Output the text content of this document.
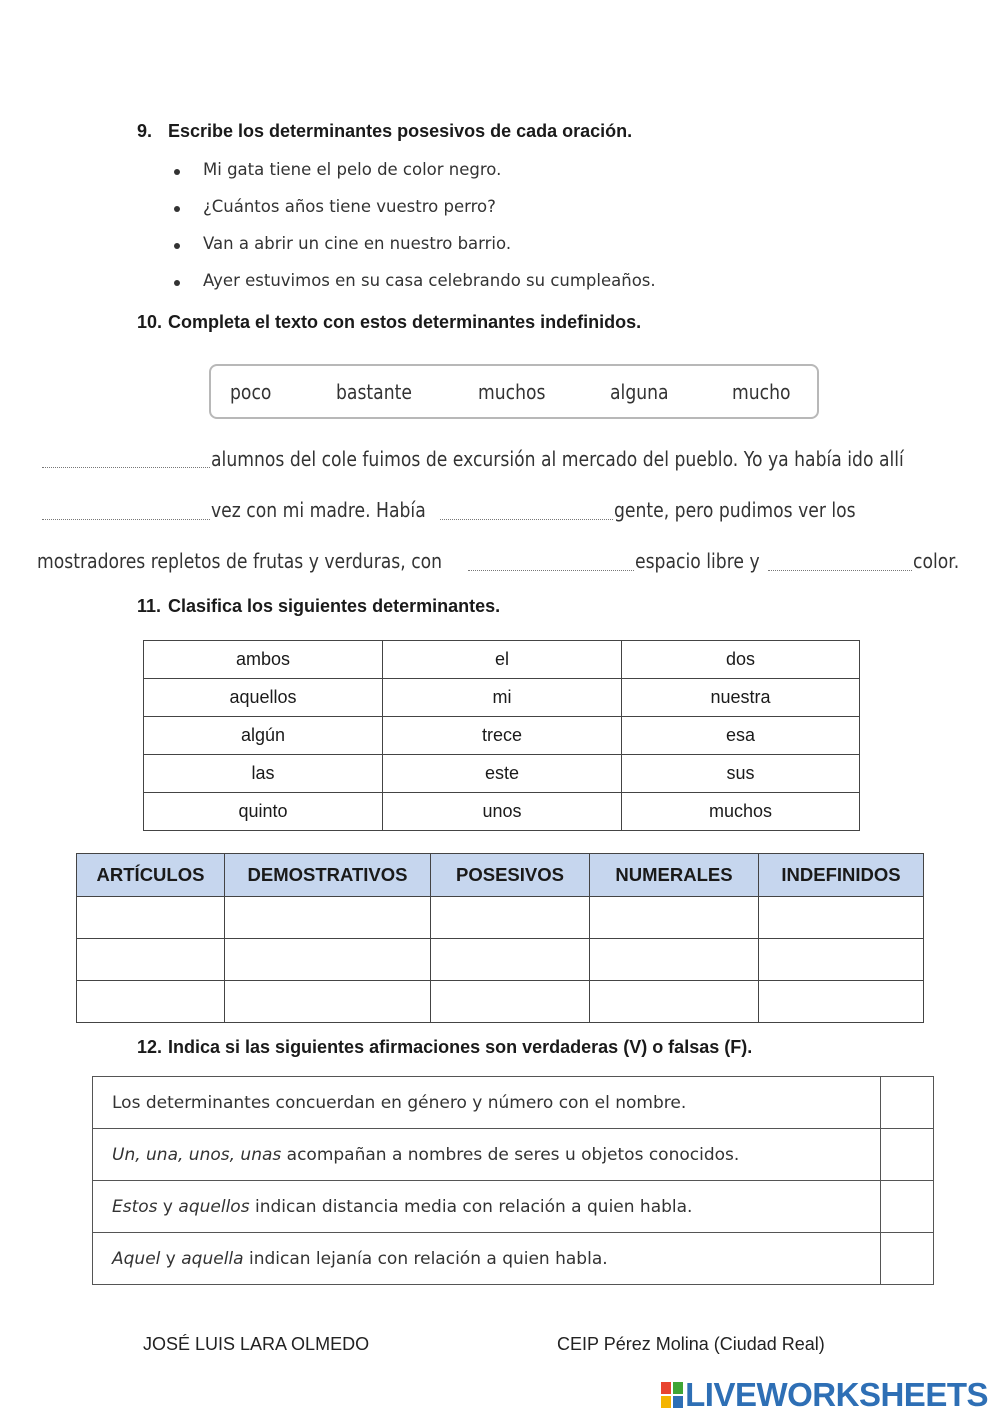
9. Escribe los determinantes posesivos de cada oración.
Mi gata tiene el pelo de color negro.
¿Cuántos años tiene vuestro perro?
Van a abrir un cine en nuestro barrio.
Ayer estuvimos en su casa celebrando su cumpleaños.
10. Completa el texto con estos determinantes indefinidos.
poco	bastante	muchos	alguna	mucho
alumnos del cole fuimos de excursión al mercado del pueblo. Yo ya había ido allí
vez con mi madre. Había	gente, pero pudimos ver los
mostradores repletos de frutas y verduras, con	espacio libre y	color.
11. Clasifica los siguientes determinantes.
ambos	el	dos
aquellos	mi	nuestra
algún	trece	esa
las	este	sus
quinto	unos	muchos
ARTÍCULOS	DEMOSTRATIVOS	POSESIVOS	NUMERALES	INDEFINIDOS

12. Indica si las siguientes afirmaciones son verdaderas (V) o falsas (F).
Los determinantes concuerdan en género y número con el nombre.	
Un, una, unos, unas acompañan a nombres de seres u objetos conocidos.	
Estos y aquellos indican distancia media con relación a quien habla.	
Aquel y aquella indican lejanía con relación a quien habla.	
JOSÉ LUIS LARA OLMEDO	CEIP Pérez Molina (Ciudad Real)
LIVEWORKSHEETS
